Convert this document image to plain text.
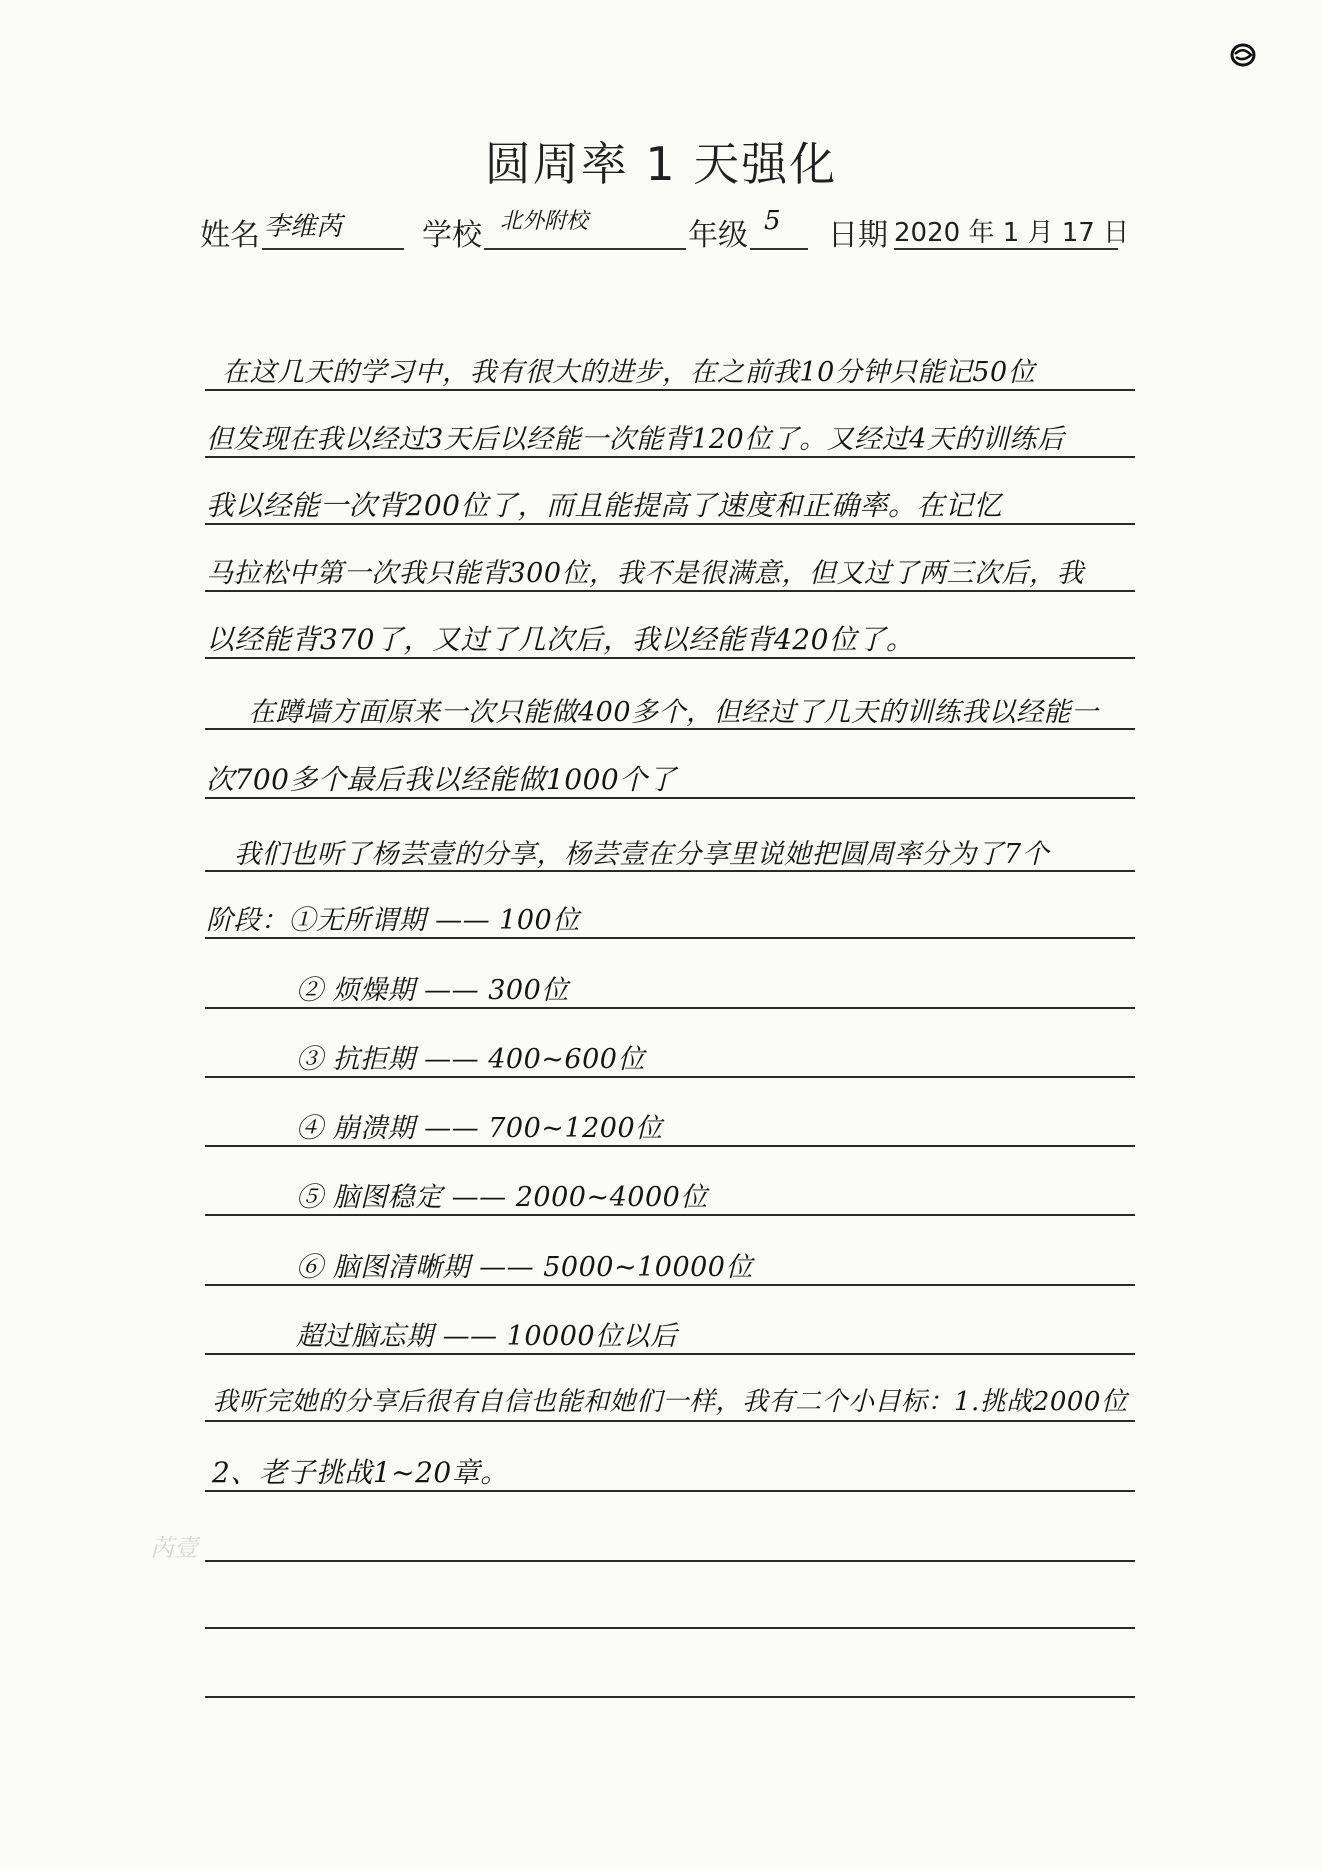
圆周率 1 天强化
姓名 李维芮	学校 北外附校	年级 5 日期 2020 年 1 月 17 日
在这几天的学习中，我有很大的进步，在之前我10分钟只能记50位
但发现在我以经过3天后以经能一次能背120位了。又经过4天的训练后
我以经能一次背200位了，而且能提高了速度和正确率。在记忆
马拉松中第一次我只能背300位，我不是很满意，但又过了两三次后，我
以经能背370了，又过了几次后，我以经能背420位了。
在蹲墙方面原来一次只能做400多个，但经过了几天的训练我以经能一
次700多个最后我以经能做1000个了
我们也听了杨芸壹的分享，杨芸壹在分享里说她把圆周率分为了7个
阶段：①无所谓期 —— 100位
② 烦燥期 —— 300位
③ 抗拒期 —— 400~600位
④ 崩溃期 —— 700~1200位
⑤ 脑图稳定 —— 2000~4000位
⑥ 脑图清晰期 —— 5000~10000位
超过脑忘期 —— 10000位以后
我听完她的分享后很有自信也能和她们一样，我有二个小目标：1.挑战2000位
2、老子挑战1~20章。
芮壹
